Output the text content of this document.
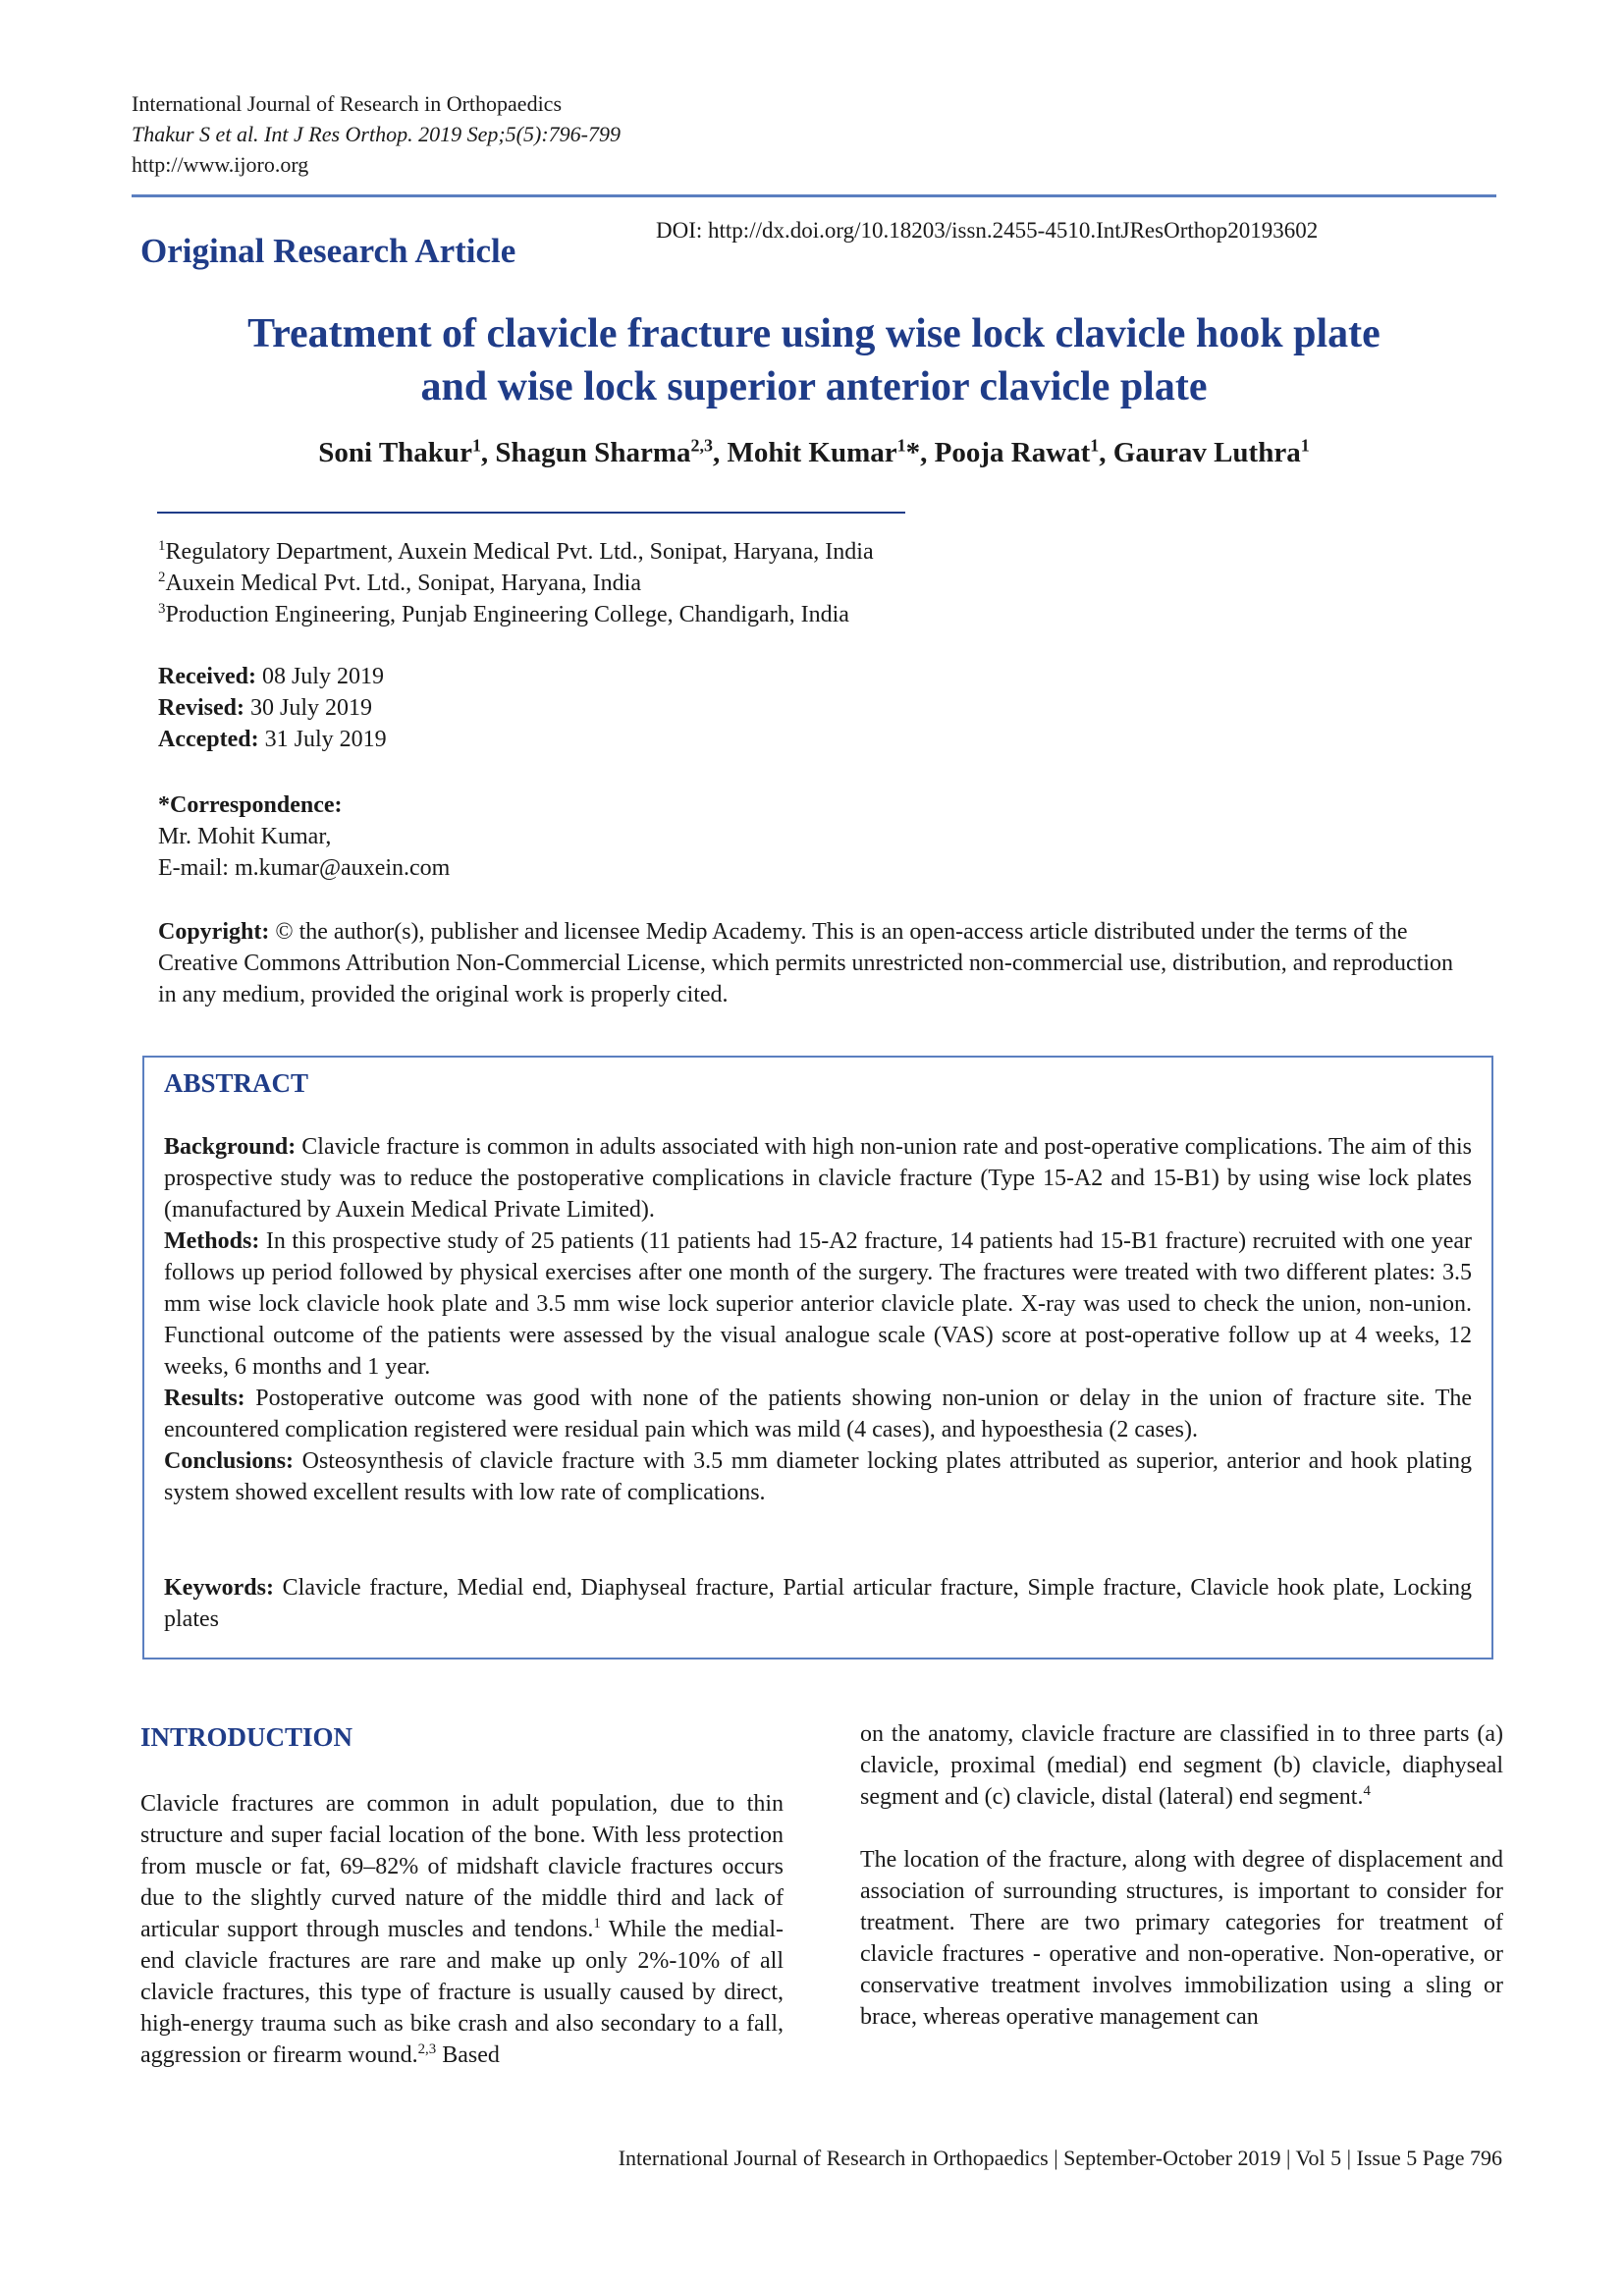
International Journal of Research in Orthopaedics
Thakur S et al. Int J Res Orthop. 2019 Sep;5(5):796-799
http://www.ijoro.org
Original Research Article
DOI: http://dx.doi.org/10.18203/issn.2455-4510.IntJResOrthop20193602
Treatment of clavicle fracture using wise lock clavicle hook plate
and wise lock superior anterior clavicle plate
Soni Thakur$^1$, Shagun Sharma$^{2,3}$, Mohit Kumar$^1$*, Pooja Rawat$^1$, Gaurav Luthra$^1$
$^1$Regulatory Department, Auxein Medical Pvt. Ltd., Sonipat, Haryana, India
$^2$Auxein Medical Pvt. Ltd., Sonipat, Haryana, India
$^3$Production Engineering, Punjab Engineering College, Chandigarh, India
Received: 08 July 2019
Revised: 30 July 2019
Accepted: 31 July 2019
*Correspondence:
Mr. Mohit Kumar,
E-mail: m.kumar@auxein.com
Copyright: © the author(s), publisher and licensee Medip Academy. This is an open-access article distributed under the terms of the Creative Commons Attribution Non-Commercial License, which permits unrestricted non-commercial use, distribution, and reproduction in any medium, provided the original work is properly cited.
ABSTRACT

Background: Clavicle fracture is common in adults associated with high non-union rate and post-operative complications. The aim of this prospective study was to reduce the postoperative complications in clavicle fracture (Type 15-A2 and 15-B1) by using wise lock plates (manufactured by Auxein Medical Private Limited).

Methods: In this prospective study of 25 patients (11 patients had 15-A2 fracture, 14 patients had 15-B1 fracture) recruited with one year follows up period followed by physical exercises after one month of the surgery. The fractures were treated with two different plates: 3.5 mm wise lock clavicle hook plate and 3.5 mm wise lock superior anterior clavicle plate. X-ray was used to check the union, non-union. Functional outcome of the patients were assessed by the visual analogue scale (VAS) score at post-operative follow up at 4 weeks, 12 weeks, 6 months and 1 year.

Results: Postoperative outcome was good with none of the patients showing non-union or delay in the union of fracture site. The encountered complication registered were residual pain which was mild (4 cases), and hypoesthesia (2 cases).

Conclusions: Osteosynthesis of clavicle fracture with 3.5 mm diameter locking plates attributed as superior, anterior and hook plating system showed excellent results with low rate of complications.

Keywords: Clavicle fracture, Medial end, Diaphyseal fracture, Partial articular fracture, Simple fracture, Clavicle hook plate, Locking plates
INTRODUCTION

Clavicle fractures are common in adult population, due to thin structure and super facial location of the bone. With less protection from muscle or fat, 69–82% of midshaft clavicle fractures occurs due to the slightly curved nature of the middle third and lack of articular support through muscles and tendons.$^1$ While the medial-end clavicle fractures are rare and make up only 2%-10% of all clavicle fractures, this type of fracture is usually caused by direct, high-energy trauma such as bike crash and also secondary to a fall, aggression or firearm wound.$^{2,3}$ Based

on the anatomy, clavicle fracture are classified in to three parts (a) clavicle, proximal (medial) end segment (b) clavicle, diaphyseal segment and (c) clavicle, distal (lateral) end segment.$^4$

The location of the fracture, along with degree of displacement and association of surrounding structures, is important to consider for treatment. There are two primary categories for treatment of clavicle fractures - operative and non-operative. Non-operative, or conservative treatment involves immobilization using a sling or brace, whereas operative management can

International Journal of Research in Orthopaedics | September-October 2019 | Vol 5 | Issue 5 Page 796
